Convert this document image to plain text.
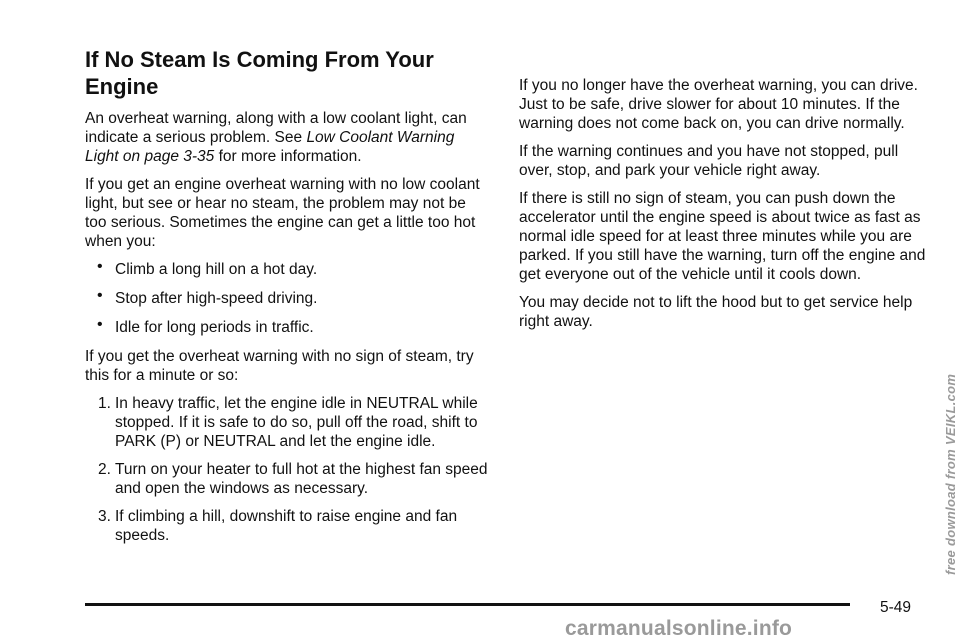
If No Steam Is Coming From Your Engine

An overheat warning, along with a low coolant light, can indicate a serious problem. See Low Coolant Warning Light on page 3-35 for more information.

If you get an engine overheat warning with no low coolant light, but see or hear no steam, the problem may not be too serious. Sometimes the engine can get a little too hot when you:

• Climb a long hill on a hot day.
• Stop after high-speed driving.
• Idle for long periods in traffic.

If you get the overheat warning with no sign of steam, try this for a minute or so:

1. In heavy traffic, let the engine idle in NEUTRAL while stopped. If it is safe to do so, pull off the road, shift to PARK (P) or NEUTRAL and let the engine idle.
2. Turn on your heater to full hot at the highest fan speed and open the windows as necessary.
3. If climbing a hill, downshift to raise engine and fan speeds.

If you no longer have the overheat warning, you can drive. Just to be safe, drive slower for about 10 minutes. If the warning does not come back on, you can drive normally.

If the warning continues and you have not stopped, pull over, stop, and park your vehicle right away.

If there is still no sign of steam, you can push down the accelerator until the engine speed is about twice as fast as normal idle speed for at least three minutes while you are parked. If you still have the warning, turn off the engine and get everyone out of the vehicle until it cools down.

You may decide not to lift the hood but to get service help right away.

5-49
free download from VEIKL.com
carmanualsonline.info
